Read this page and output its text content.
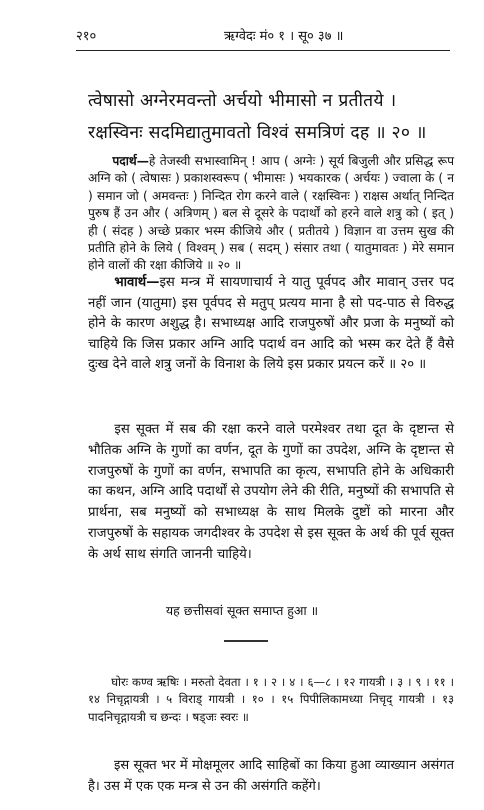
२१०	ऋग्वेदः मं० १ । सू० ३७ ॥
त्वेषासो अग्नेरमवन्तो अर्चयो भीमासो न प्रतीतये ।
रक्षस्विनः सदमिद्यातुमावतो विश्वं समत्रिणं दह ॥ २० ॥

  पदार्थ—हे तेजस्वी सभास्वामिन् ! आप ( अग्नेः ) सूर्य बिजुली और प्रसिद्ध रूप अग्नि को ( त्वेषासः ) प्रकाशस्वरूप ( भीमासः ) भयकारक ( अर्चयः ) ज्वाला के ( न ) समान जो ( अमवन्तः ) निन्दित रोग करने वाले ( रक्षस्विनः ) राक्षस अर्थात् निन्दित पुरुष हैं उन और ( अत्रिणम् ) बल से दूसरे के पदार्थों को हरने वाले शत्रु को ( इत् ) ही ( संदह ) अच्छे प्रकार भस्म कीजिये और ( प्रतीतये ) विज्ञान वा उत्तम सुख की प्रतीति होने के लिये ( विश्वम् ) सब ( सदम् ) संसार तथा ( यातुमावतः ) मेरे समान होने वालों की रक्षा कीजिये ॥ २० ॥

  भावार्थ—इस मन्त्र में सायणाचार्य ने यातु पूर्वपद और मावान् उत्तर पद नहीं जान (यातुमा) इस पूर्वपद से मतुप् प्रत्यय माना है सो पद-पाठ से विरुद्ध होने के कारण अशुद्ध है। सभाध्यक्ष आदि राजपुरुषों और प्रजा के मनुष्यों को चाहिये कि जिस प्रकार अग्नि आदि पदार्थ वन आदि को भस्म कर देते हैं वैसे दुःख देने वाले शत्रु जनों के विनाश के लिये इस प्रकार प्रयत्न करें ॥ २० ॥

  इस सूक्त में सब की रक्षा करने वाले परमेश्वर तथा दूत के दृष्टान्त से भौतिक अग्नि के गुणों का वर्णन, दूत के गुणों का उपदेश, अग्नि के दृष्टान्त से राजपुरुषों के गुणों का वर्णन, सभापति का कृत्य, सभापति होने के अधिकारी का कथन, अग्नि आदि पदार्थों से उपयोग लेने की रीति, मनुष्यों की सभापति से प्रार्थना, सब मनुष्यों को सभाध्यक्ष के साथ मिलके दुष्टों को मारना और राजपुरुषों के सहायक जगदीश्वर के उपदेश से इस सूक्त के अर्थ की पूर्व सूक्त के अर्थ साथ संगति जाननी चाहिये।

यह छत्तीसवां सूक्त समाप्त हुआ ॥

  घोरः कण्व ऋषिः । मरुतो देवता । १ । २ । ४ । ६—८ । १२ गायत्री । ३ । ९ । ११ । १४ निचृद्गायत्री । ५ विराड् गायत्री । १० । १५ पिपीलिकामध्या निचृद् गायत्री । १३ पादनिचृद्गायत्री च छन्दः । षड्जः स्वरः ॥

  इस सूक्त भर में मोक्षमूलर आदि साहिबों का किया हुआ व्याख्यान असंगत है। उस में एक एक मन्त्र से उन की असंगति कहेंगे।
